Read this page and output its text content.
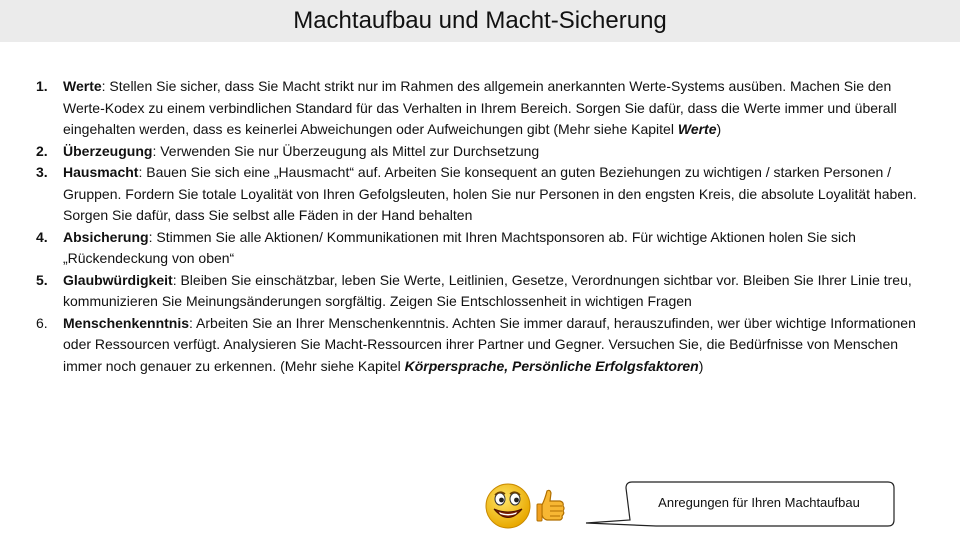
Machtaufbau und Macht-Sicherung
1.	Werte: Stellen Sie sicher, dass Sie Macht strikt nur im Rahmen des allgemein anerkannten Werte-Systems ausüben. Machen Sie den Werte-Kodex zu einem verbindlichen Standard für das Verhalten in Ihrem Bereich. Sorgen Sie dafür, dass die Werte immer und überall eingehalten werden, dass es keinerlei Abweichungen oder Aufweichungen gibt (Mehr siehe Kapitel Werte)
2.	Überzeugung: Verwenden Sie nur Überzeugung als Mittel zur Durchsetzung
3.	Hausmacht: Bauen Sie sich eine „Hausmacht“ auf. Arbeiten Sie konsequent an guten Beziehungen zu wichtigen / starken Personen / Gruppen. Fordern Sie totale Loyalität von Ihren Gefolgsleuten, holen Sie nur Personen in den engsten Kreis, die absolute Loyalität haben. Sorgen Sie dafür, dass Sie selbst alle Fäden in der Hand behalten
4.	Absicherung: Stimmen Sie alle Aktionen/ Kommunikationen mit Ihren Machtsponsoren ab. Für wichtige Aktionen holen Sie sich „Rückendeckung von oben“
5.	Glaubwürdigkeit: Bleiben Sie einschätzbar, leben Sie Werte, Leitlinien, Gesetze, Verordnungen sichtbar vor. Bleiben Sie Ihrer Linie treu, kommunizieren Sie Meinungsänderungen sorgfältig. Zeigen Sie Entschlossenheit in wichtigen Fragen
6.	Menschenkenntnis: Arbeiten Sie an Ihrer Menschenkenntnis. Achten Sie immer darauf, herauszufinden, wer über wichtige Informationen oder Ressourcen verfügt. Analysieren Sie Macht-Ressourcen ihrer Partner und Gegner. Versuchen Sie, die Bedürfnisse von Menschen immer noch genauer zu erkennen. (Mehr siehe Kapitel Körpersprache, Persönliche Erfolgsfaktoren)
Anregungen für Ihren Machtaufbau
